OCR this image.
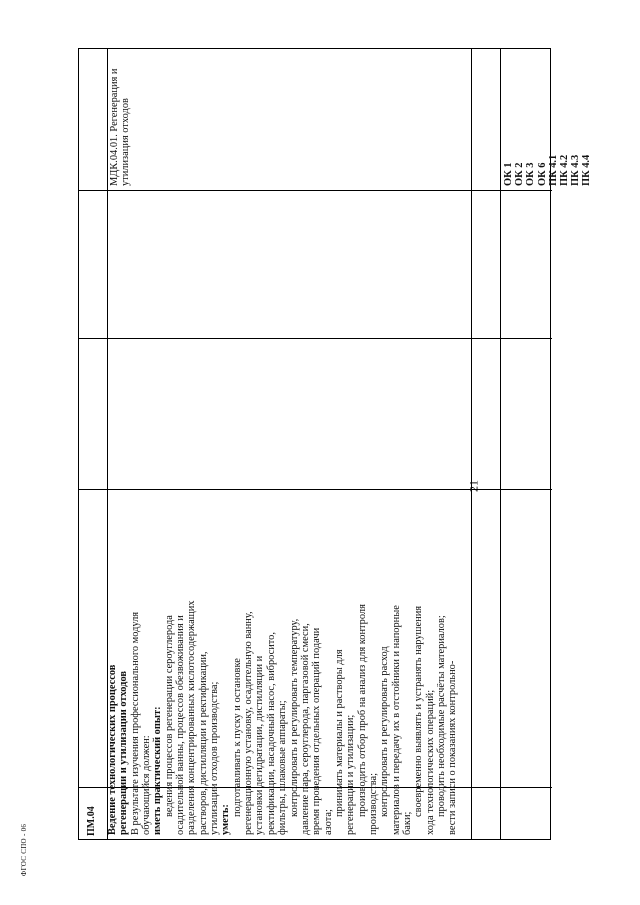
21
ПМ.04 Ведение технологических процессов регенерации и утилизации отходов В результате изучения профессионального модуля обучающийся должен: иметь практический опыт: ведения процессов регенерации сероуглерода осадительной ванны, процессов обезвоживания и разделения концентрированных кислотосодержащих растворов, дистилляции и ректификации, утилизации отходов производства; уметь:

подготавливать к пуску и остановке регенерационную установку, осадительную ванну, установки дегидратации, дистилляции и ректификации, насадочный насос, вибросито, фильтры, шлаковые аппараты; контролировать и регулировать температуру, давление пара, сероуглерода, паргазовой смеси, время проведения отдельных операций подачи азота;

принимать материалы и растворы для регенерации и утилизации; производить отбор проб на анализ для контроля производства; контролировать и регулировать расход материалов и передачу их в отстойники и напорные баки;

своевременно выявлять и устранять нарушения хода технологических операций; проводить необходимые расчёты материалов; вести записи о показаниях контрольно-

МДК.04.01. Регенерация и утилизация отходов	ОК 1 ОК 2 ОК 3 ОК 6 ПК 4.1 ПК 4.2 ПК 4.3 ПК 4.4

ФГОС СПО - 06
